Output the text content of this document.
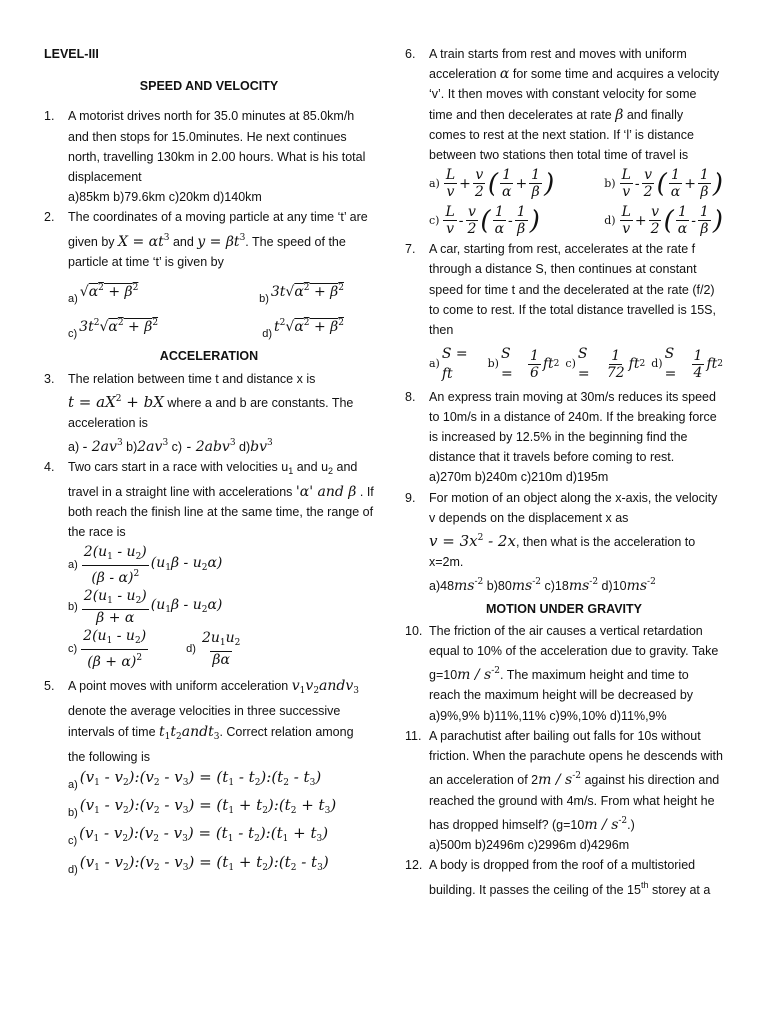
LEVEL-III
SPEED AND VELOCITY
1. A motorist drives north for 35.0 minutes at 85.0km/h and then stops for 15.0minutes. He next continues north, travelling 130km in 2.00 hours. What is his total displacement
a)85km b)79.6km c)20km d)140km
2. The coordinates of a moving particle at any time ‘t’ are given by $X = \alpha t^3$ and $y = \beta t^3$. The speed of the particle at time ‘t’ is given by
a) $√\alpha^2 + \beta^2$
b) $3t√\alpha^2 + \beta^2$
c) $3t^2√\alpha^2 + \beta^2$
d) $t^2√\alpha^2 + \beta^2$
ACCELERATION
3. The relation between time t and distance x is
$t = aX^2$ + bX where a and b are constants. The acceleration is
$a) - 2av^3$ $b)2av^3$ c) - 2abv$^3$ $d)bv^3$
4. Two cars start in a race with velocities $u_1$ and $u_2$ and travel in a straight line with accelerations 'α' and β . If both reach the finish line at the same time, the range of the race is
$a) \frac{2(u_1 - u_2)}{(\beta - \alpha)^2} (u_1\beta - u_2\alpha)$
$b) \frac{2(u_1 - u_2)}{\beta + \alpha} (u_1\beta - u_2\alpha)$
$c) \frac{2(u_1 - u_2)}{(\beta + \alpha)^2}$	$d) \frac{2u_1u_2}{\beta\alpha}$
5. A point moves with uniform acceleration $v_1v_2andv_3$ denote the average velocities in three successive intervals of time $t_1t_2andt_3$. Correct relation among the following is
$_{a)}$ ($v_1$ - $v_2):(v_2 - v_3) = (t_1$ - $t_2):(t_2 - t_3)$
$_{b)}$ ($v_1$ - $v_2):(v_2 - v_3) = (t_1$ + $t_2):(t_2 + t_3)$
$_{c)}$ ($v_1$ - $v_2):(v_2 - v_3) = (t_1$ - $t_2):(t_1 + t_3)$
$_{d)}$ ($v_1$ - $v_2):(v_2 - v_3) = (t_1$ + $t_2):(t_2 - t_3)$
6. A train starts from rest and moves with uniform acceleration α for some time and acquires a velocity ‘v’. It then moves with constant velocity for some time and then decelerates at rate β and finally comes to rest at the next station. If ‘l’ is distance between two stations then total time of travel is
$a) \frac{L}{v} + \frac{v}{2}$ ( $\frac{1}{\alpha} + \frac{1}{\beta}$ )	$b) \frac{L}{v} - \frac{v}{2}$ ( $\frac{1}{\alpha} + \frac{1}{\beta}$ )
$c) \frac{L}{v} - \frac{v}{2}$ ( $\frac{1}{\alpha} - \frac{1}{\beta}$ )	$d) \frac{L}{v} + \frac{v}{2}$ ( $\frac{1}{\alpha} - \frac{1}{\beta}$ )
7. A car, starting from rest, accelerates at the rate f through a distance S, then continues at constant speed for time t and the decelerated at the rate (f/2) to come to rest. If the total distance travelled is 15S, then
a)
S = ft
b)
$S = \frac{1}{6}$ ft 2 c)
$S = \frac{1}{72}$ ft 2 d)
$S = \frac{1}{4}$ ft 2
8. An express train moving at 30m/s reduces its speed to 10m/s in a distance of 240m. If the breaking force is increased by 12.5% in the beginning find the distance that it travels before coming to rest.
a)270m b)240m c)210m d)195m
9. For motion of an object along the x-axis, the velocity v depends on the displacement x as
$v = 3x^2 - 2x$, then what is the acceleration to x=2m.
$a)48ms^{-2}$ $b)80ms^{-2}$ $c)18ms^{-2}$ $d)10ms^{-2}$
MOTION UNDER GRAVITY
10. The friction of the air causes a vertical retardation equal to 10% of the acceleration due to gravity. Take $g=10m / s^{-2}$. The maximum height and time to reach the maximum height will be decreased by
a)9%,9% b)11%,11% c)9%,10% d)11%,9%
11. A parachutist after bailing out falls for 10s without friction. When the parachute opens he descends with an acceleration of $2m / s^{-2}$ against his direction and reached the ground with 4m/s. From what height he has dropped himself? $(g=10m / s^{-2}.)$
a)500m b)2496m c)2996m d)4296m
12. A body is dropped from the roof of a multistoried building. It passes the ceiling of the 15th storey at a
